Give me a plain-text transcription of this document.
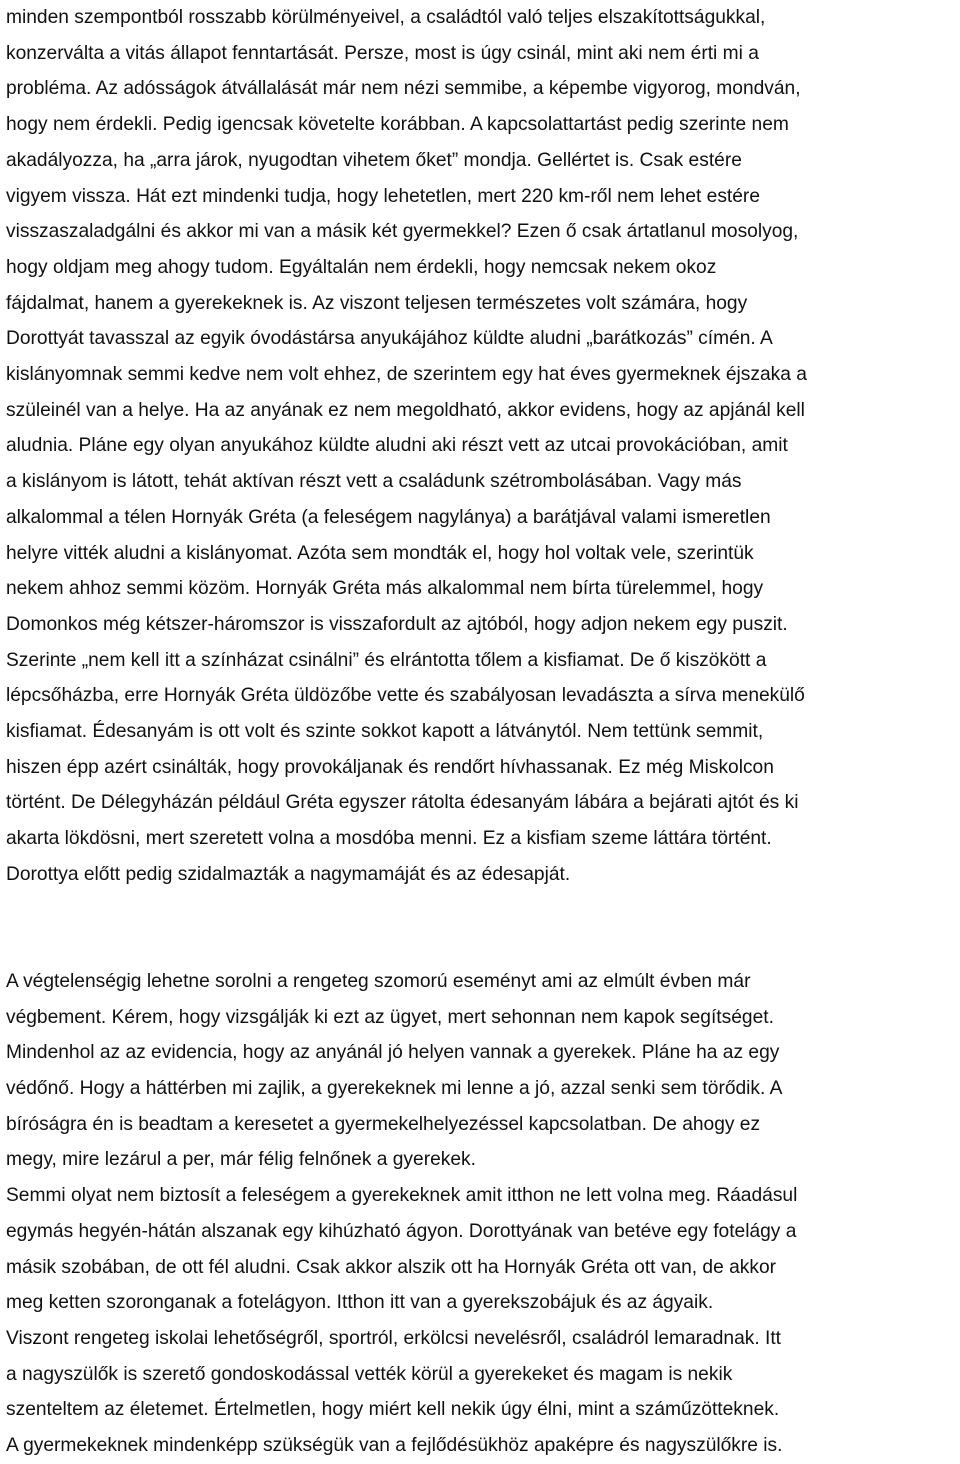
minden szempontból rosszabb körülményeivel, a családtól való teljes elszakítottságukkal,
konzerválta a vitás állapot fenntartását. Persze, most is úgy csinál, mint aki nem érti mi a
probléma. Az adósságok átvállalását már nem nézi semmibe, a képembe vigyorog, mondván,
hogy nem érdekli. Pedig igencsak követelte korábban. A kapcsolattartást pedig szerinte nem
akadályozza, ha „arra járok, nyugodtan vihetem őket” mondja. Gellértet is. Csak estére
vigyem vissza. Hát ezt mindenki tudja, hogy lehetetlen, mert 220 km-ről nem lehet estére
visszaszaladgálni és akkor mi van a másik két gyermekkel? Ezen ő csak ártatlanul mosolyog,
hogy oldjam meg ahogy tudom. Egyáltalán nem érdekli, hogy nemcsak nekem okoz
fájdalmat, hanem a gyerekeknek is. Az viszont teljesen természetes volt számára, hogy
Dorottyát tavasszal az egyik óvodástársa anyukájához küldte aludni „barátkozás” címén. A
kislányomnak semmi kedve nem volt ehhez, de szerintem egy hat éves gyermeknek éjszaka a
szüleinél van a helye. Ha az anyának ez nem megoldható, akkor evidens, hogy az apjánál kell
aludnia. Pláne egy olyan anyukához küldte aludni aki részt vett az utcai provokációban, amit
a kislányom is látott, tehát aktívan részt vett a családunk szétrombolásában. Vagy más
alkalommal a télen Hornyák Gréta (a feleségem nagylánya) a barátjával valami ismeretlen
helyre vitték aludni a kislányomat. Azóta sem mondták el, hogy hol voltak vele, szerintük
nekem ahhoz semmi közöm. Hornyák Gréta más alkalommal nem bírta türelemmel, hogy
Domonkos még kétszer-háromszor is visszafordult az ajtóból, hogy adjon nekem egy puszit.
Szerinte „nem kell itt a színházat csinálni” és elrántotta tőlem a kisfiamat. De ő kiszökött a
lépcsőházba, erre Hornyák Gréta üldözőbe vette és szabályosan levadászta a sírva menekülő
kisfiamat. Édesanyám is ott volt és szinte sokkot kapott a látványtól. Nem tettünk semmit,
hiszen épp azért csinálták, hogy provokáljanak és rendőrt hívhassanak. Ez még Miskolcon
történt. De Délegyházán például Gréta egyszer rátolta édesanyám lábára a bejárati ajtót és ki
akarta lökdösni, mert szeretett volna a mosdóba menni. Ez a kisfiam szeme láttára történt.
Dorottya előtt pedig szidalmazták a nagymamáját és az édesapját.
A végtelenségig lehetne sorolni a rengeteg szomorú eseményt ami az elmúlt évben már
végbement. Kérem, hogy vizsgálják ki ezt az ügyet, mert sehonnan nem kapok segítséget.
Mindenhol az az evidencia, hogy az anyánál jó helyen vannak a gyerekek. Pláne ha az egy
védőnő. Hogy a háttérben mi zajlik, a gyerekeknek mi lenne a jó, azzal senki sem törődik. A
bíróságra én is beadtam a keresetet a gyermekelhelyezéssel kapcsolatban. De ahogy ez
megy, mire lezárul a per, már félig felnőnek a gyerekek.
Semmi olyat nem biztosít a feleségem a gyerekeknek amit itthon ne lett volna meg. Ráadásul
egymás hegyén-hátán alszanak egy kihúzható ágyon. Dorottyának van betéve egy fotelágy a
másik szobában, de ott fél aludni. Csak akkor alszik ott ha Hornyák Gréta ott van, de akkor
meg ketten szoronganak a fotelágyon. Itthon itt van a gyerekszobájuk és az ágyaik.
Viszont rengeteg iskolai lehetőségről, sportról, erkölcsi nevelésről, családról lemaradnak. Itt
a nagyszülők is szerető gondoskodással vették körül a gyerekeket és magam is nekik
szenteltem az életemet. Értelmetlen, hogy miért kell nekik úgy élni, mint a száműzötteknek.
A gyermekeknek mindenképp szükségük van a fejlődésükhöz apaképre és nagyszülőkre is.
